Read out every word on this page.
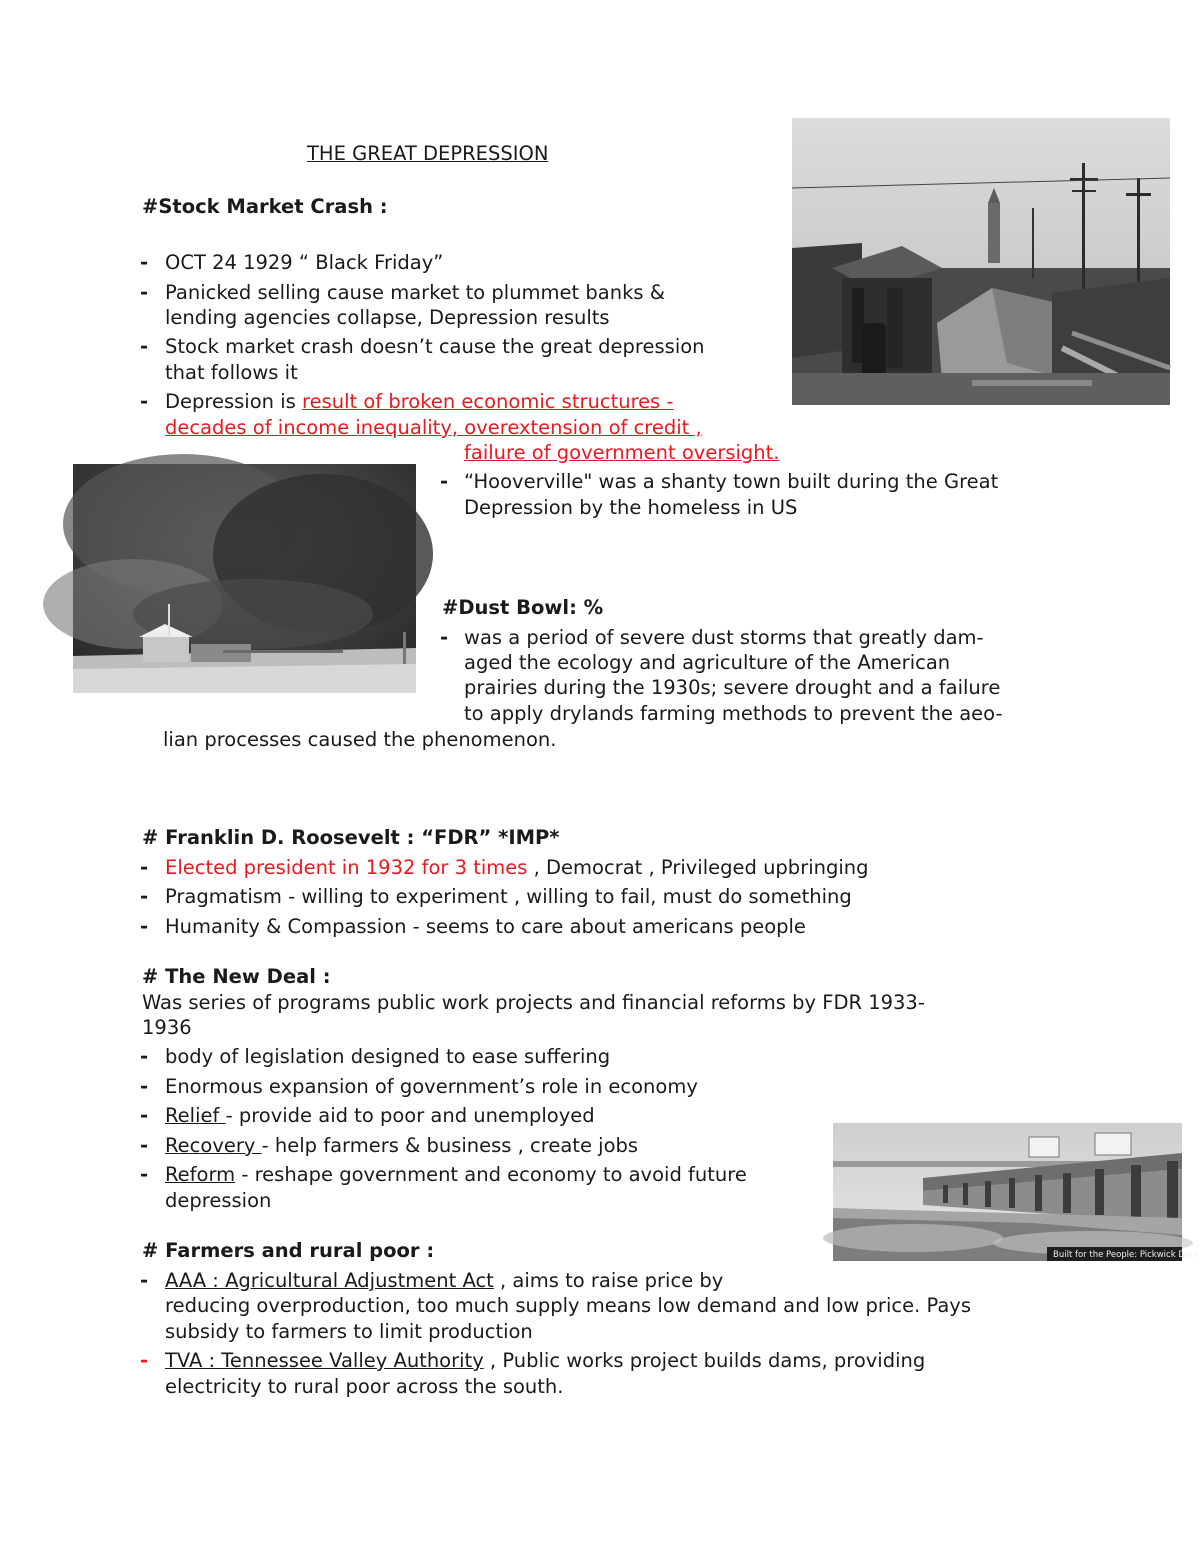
THE GREAT DEPRESSION
#Stock Market Crash :
- OCT 24 1929 “ Black Friday”
- Panicked selling cause market to plummet banks &
lending agencies collapse, Depression results
- Stock market crash doesn’t cause the great depression
that follows it
- Depression is result of broken economic structures -
decades of income inequality, overextension of credit ,
failure of government oversight.
- “Hooverville" was a shanty town built during the Great
Depression by the homeless in US
#Dust Bowl: %
- was a period of severe dust storms that greatly dam-
aged the ecology and agriculture of the American
prairies during the 1930s; severe drought and a failure
to apply drylands farming methods to prevent the aeo-
lian processes caused the phenomenon.
# Franklin D. Roosevelt : “FDR” *IMP*
- Elected president in 1932 for 3 times , Democrat , Privileged upbringing
- Pragmatism - willing to experiment , willing to fail, must do something
- Humanity & Compassion - seems to care about americans people
# The New Deal :
Was series of programs public work projects and financial reforms by FDR 1933-
1936
- body of legislation designed to ease suffering
- Enormous expansion of government’s role in economy
- Relief - provide aid to poor and unemployed
- Recovery - help farmers & business , create jobs
- Reform - reshape government and economy to avoid future
depression
Built for the People: Pickwick Dam
# Farmers and rural poor :
- AAA : Agricultural Adjustment Act , aims to raise price by
reducing overproduction, too much supply means low demand and low price. Pays
subsidy to farmers to limit production
- TVA : Tennessee Valley Authority , Public works project builds dams, providing
electricity to rural poor across the south.
